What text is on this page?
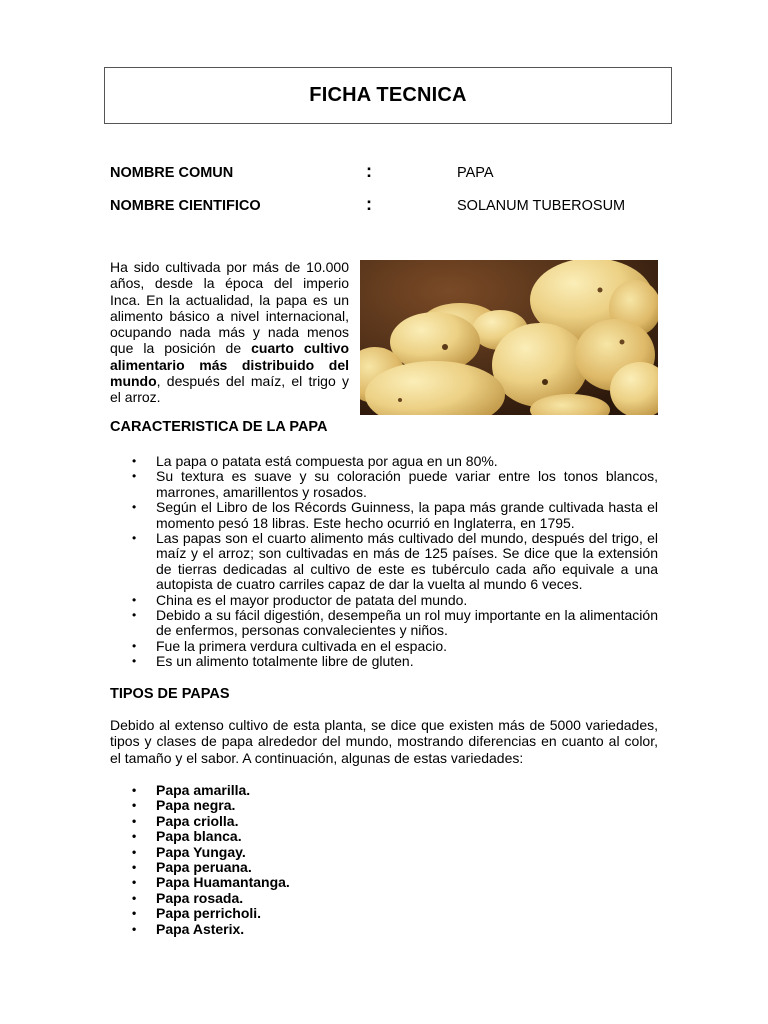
FICHA TECNICA
NOMBRE COMUN	:	PAPA
NOMBRE CIENTIFICO	:	SOLANUM TUBEROSUM
Ha sido cultivada por más de 10.000 años, desde la época del imperio Inca. En la actualidad, la papa es un alimento básico a nivel internacional, ocupando nada más y nada menos que la posición de cuarto cultivo alimentario más distribuido del mundo, después del maíz, el trigo y el arroz.
CARACTERISTICA DE LA PAPA
• La papa o patata está compuesta por agua en un 80%.
• Su textura es suave y su coloración puede variar entre los tonos blancos, marrones, amarillentos y rosados.
• Según el Libro de los Récords Guinness, la papa más grande cultivada hasta el momento pesó 18 libras. Este hecho ocurrió en Inglaterra, en 1795.
• Las papas son el cuarto alimento más cultivado del mundo, después del trigo, el maíz y el arroz; son cultivadas en más de 125 países. Se dice que la extensión de tierras dedicadas al cultivo de este es tubérculo cada año equivale a una autopista de cuatro carriles capaz de dar la vuelta al mundo 6 veces.
• China es el mayor productor de patata del mundo.
• Debido a su fácil digestión, desempeña un rol muy importante en la alimentación de enfermos, personas convalecientes y niños.
• Fue la primera verdura cultivada en el espacio.
• Es un alimento totalmente libre de gluten.
TIPOS DE PAPAS
Debido al extenso cultivo de esta planta, se dice que existen más de 5000 variedades, tipos y clases de papa alrededor del mundo, mostrando diferencias en cuanto al color, el tamaño y el sabor. A continuación, algunas de estas variedades:
• Papa amarilla.
• Papa negra.
• Papa criolla.
• Papa blanca.
• Papa Yungay.
• Papa peruana.
• Papa Huamantanga.
• Papa rosada.
• Papa perricholi.
• Papa Asterix.
